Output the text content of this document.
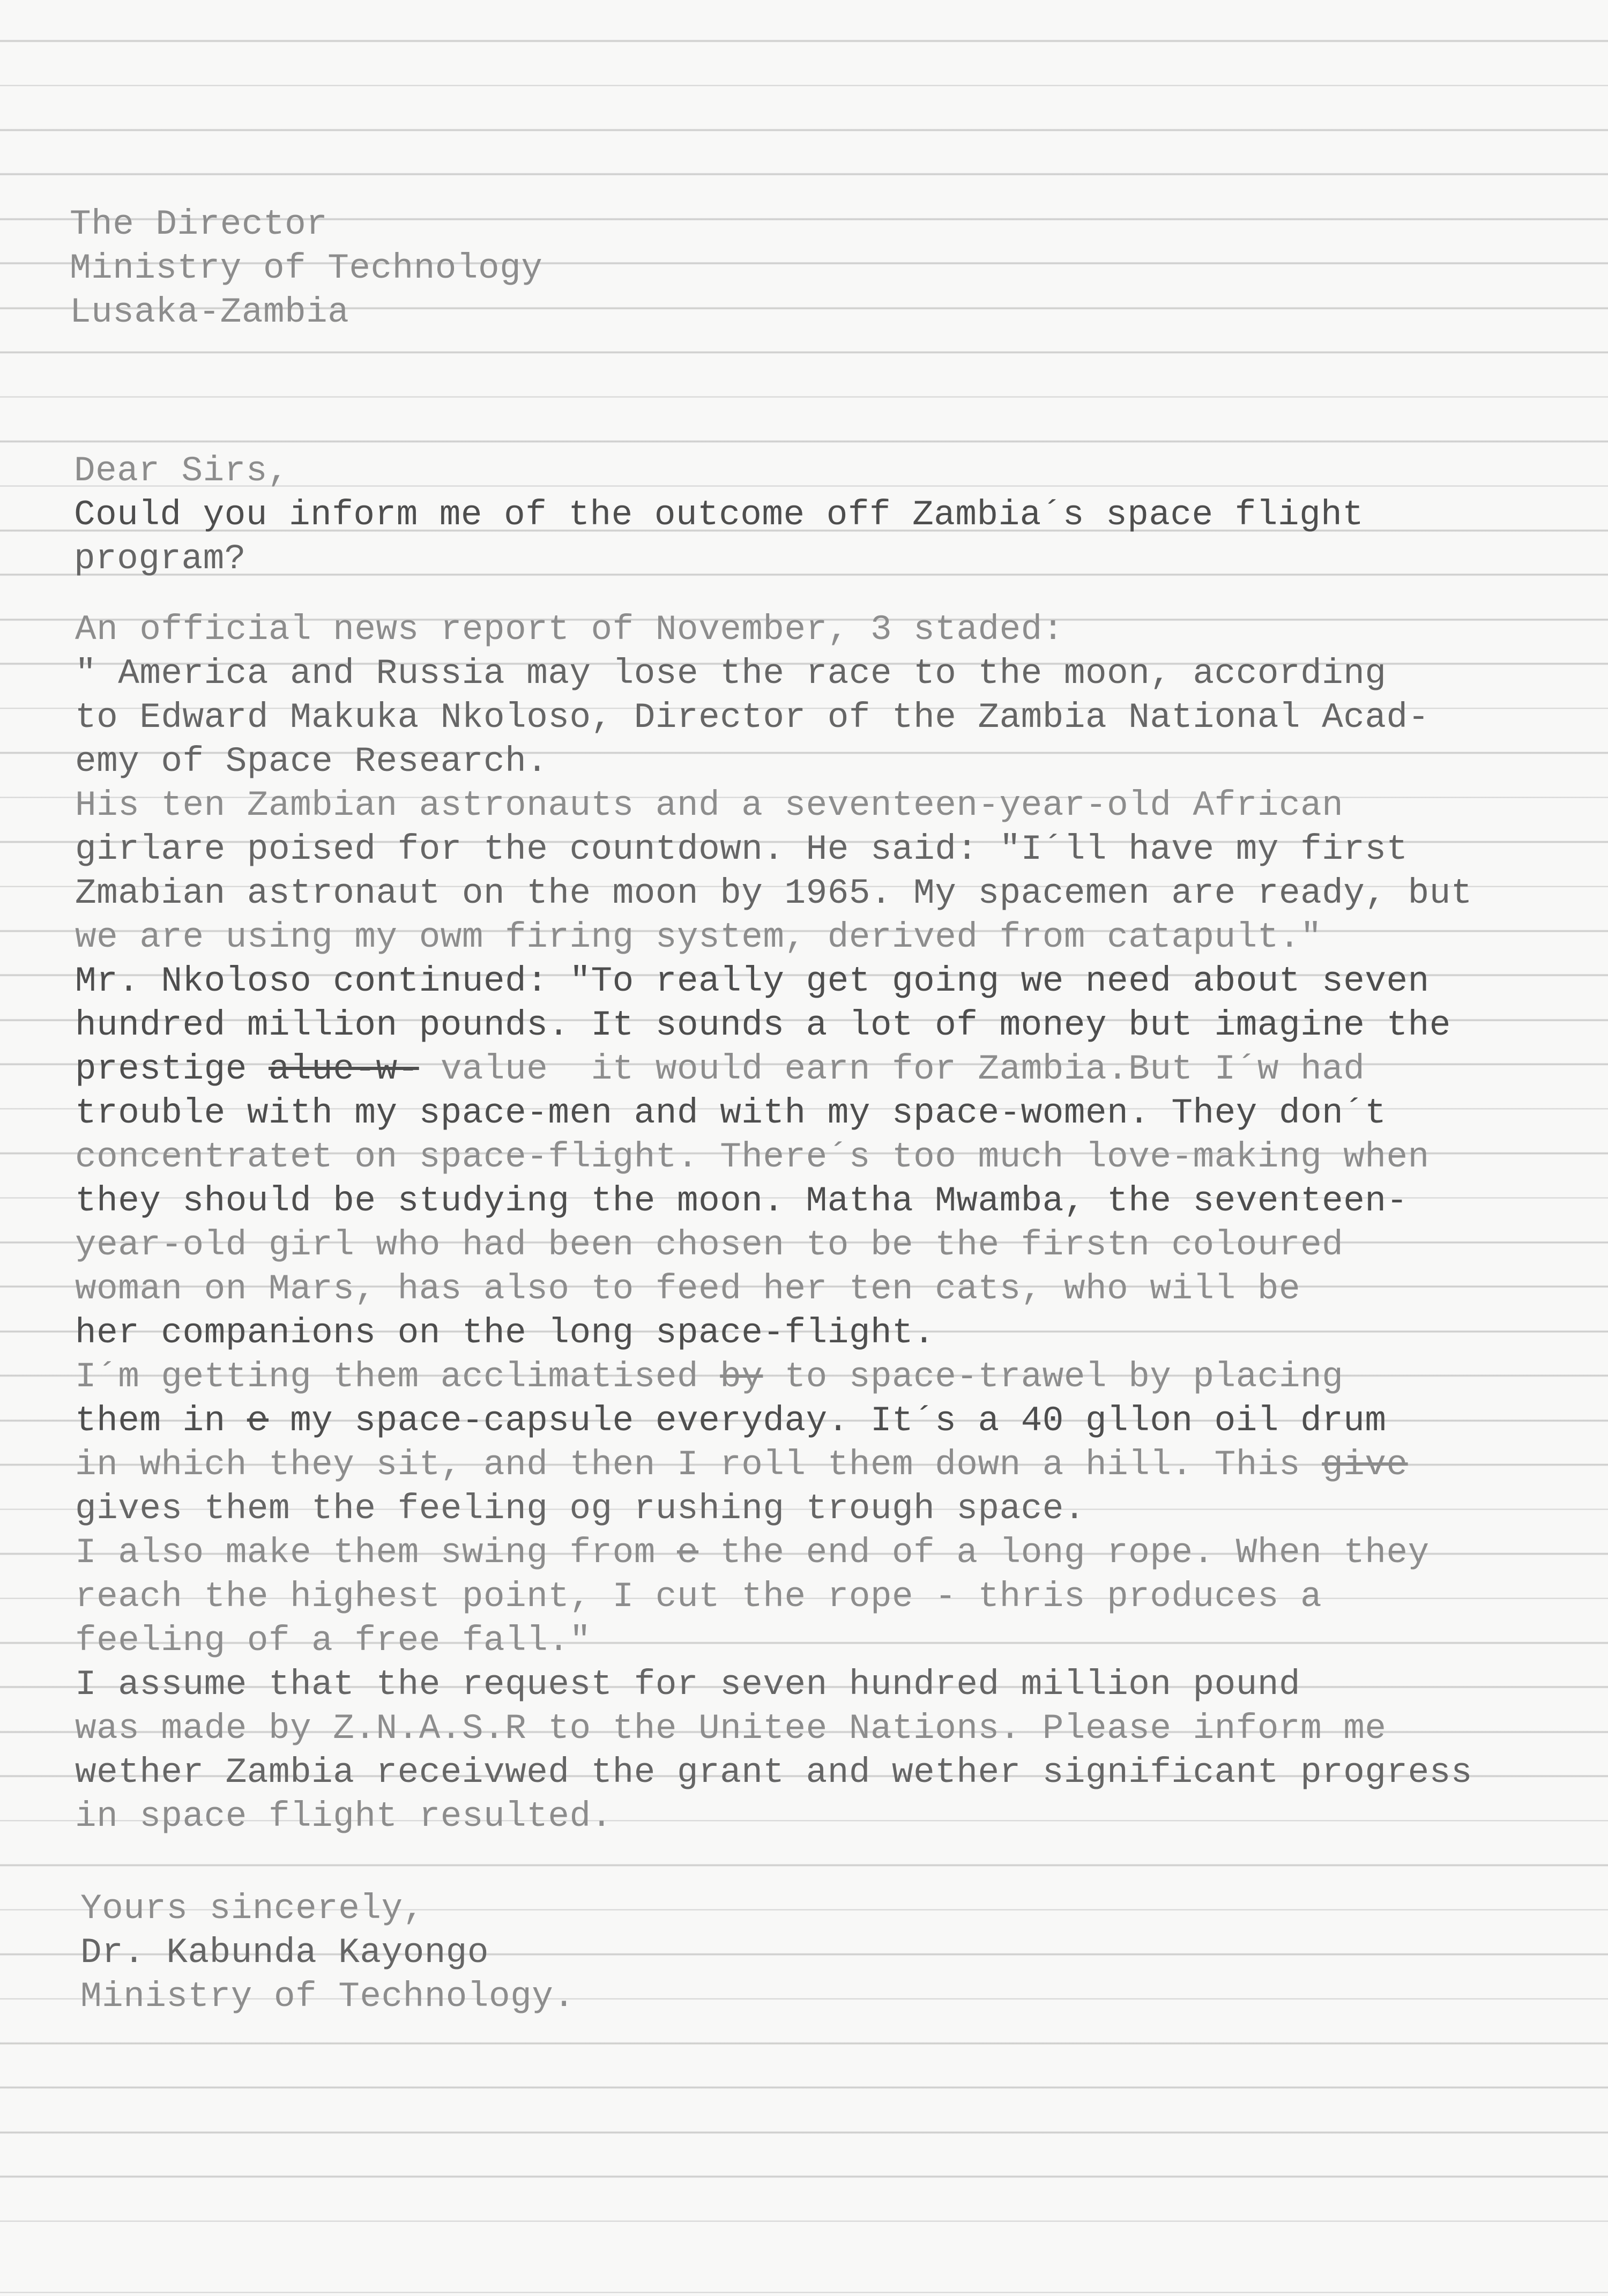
The Director
Ministry of Technology
Lusaka-Zambia
Dear Sirs,
Could you inform me of the outcome off Zambia´s space flight
program?
An official news report of November, 3 staded:
" America and Russia may lose the race to the moon, according
to Edward Makuka Nkoloso, Director of the Zambia National Acad-
emy of Space Research.
His ten Zambian astronauts and a seventeen-year-old African
girlare poised for the countdown. He said: "I´ll have my first
Zmabian astronaut on the moon by 1965. My spacemen are ready, but
we are using my owm firing system, derived from catapult."
Mr. Nkoloso continued: "To really get going we need about seven
hundred million pounds. It sounds a lot of money but imagine the
prestige alue-w- value  it would earn for Zambia.But I´w had
trouble with my space-men and with my space-women. They don´t
concentratet on space-flight. There´s too much love-making when
they should be studying the moon. Matha Mwamba, the seventeen-
year-old girl who had been chosen to be the firstn coloured
woman on Mars, has also to feed her ten cats, who will be
her companions on the long space-flight.
I´m getting them acclimatised by to space-trawel by placing
them in e my space-capsule everyday. It´s a 40 gllon oil drum
in which they sit, and then I roll them down a hill. This give
gives them the feeling og rushing trough space.
I also make them swing from e the end of a long rope. When they
reach the highest point, I cut the rope - thris produces a
feeling of a free fall."
I assume that the request for seven hundred million pound
was made by Z.N.A.S.R to the Unitee Nations. Please inform me
wether Zambia receivwed the grant and wether significant progress
in space flight resulted.
Yours sincerely,
Dr. Kabunda Kayongo
Ministry of Technology.
